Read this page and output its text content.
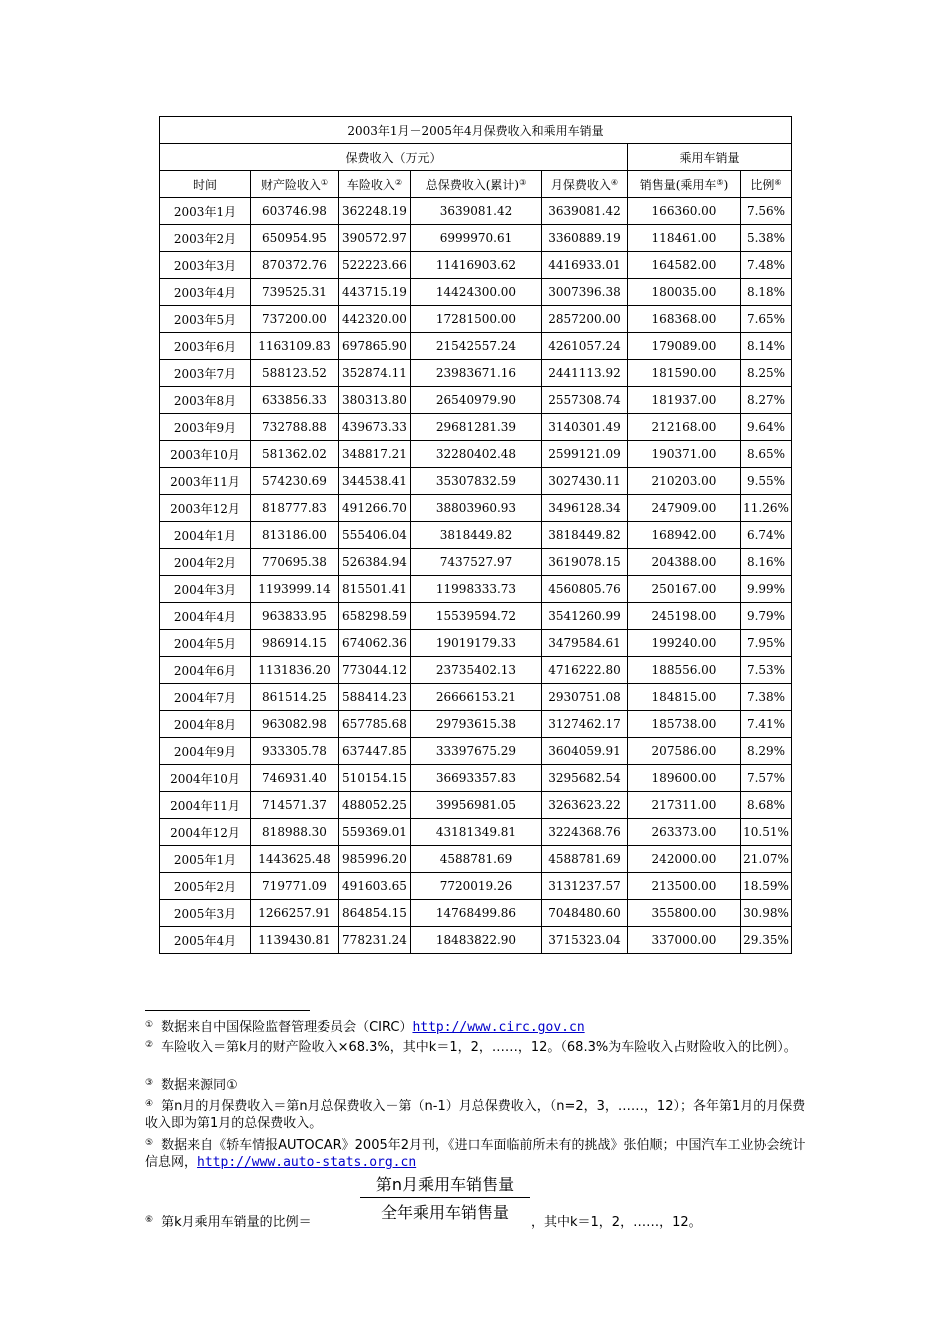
2003年1月－2005年4月保费收入和乘用车销量						
保费收入（万元）					乘用车销量	
时间	财产险收入①	车险收入②	总保费收入(累计)③	月保费收入④	销售量(乘用车⑤)	比例⑥
2003年1月	603746.98	362248.19	3639081.42	3639081.42	166360.00	7.56%
2003年2月	650954.95	390572.97	6999970.61	3360889.19	118461.00	5.38%
2003年3月	870372.76	522223.66	11416903.62	4416933.01	164582.00	7.48%
2003年4月	739525.31	443715.19	14424300.00	3007396.38	180035.00	8.18%
2003年5月	737200.00	442320.00	17281500.00	2857200.00	168368.00	7.65%
2003年6月	1163109.83	697865.90	21542557.24	4261057.24	179089.00	8.14%
2003年7月	588123.52	352874.11	23983671.16	2441113.92	181590.00	8.25%
2003年8月	633856.33	380313.80	26540979.90	2557308.74	181937.00	8.27%
2003年9月	732788.88	439673.33	29681281.39	3140301.49	212168.00	9.64%
2003年10月	581362.02	348817.21	32280402.48	2599121.09	190371.00	8.65%
2003年11月	574230.69	344538.41	35307832.59	3027430.11	210203.00	9.55%
2003年12月	818777.83	491266.70	38803960.93	3496128.34	247909.00	11.26%
2004年1月	813186.00	555406.04	3818449.82	3818449.82	168942.00	6.74%
2004年2月	770695.38	526384.94	7437527.97	3619078.15	204388.00	8.16%
2004年3月	1193999.14	815501.41	11998333.73	4560805.76	250167.00	9.99%
2004年4月	963833.95	658298.59	15539594.72	3541260.99	245198.00	9.79%
2004年5月	986914.15	674062.36	19019179.33	3479584.61	199240.00	7.95%
2004年6月	1131836.20	773044.12	23735402.13	4716222.80	188556.00	7.53%
2004年7月	861514.25	588414.23	26666153.21	2930751.08	184815.00	7.38%
2004年8月	963082.98	657785.68	29793615.38	3127462.17	185738.00	7.41%
2004年9月	933305.78	637447.85	33397675.29	3604059.91	207586.00	8.29%
2004年10月	746931.40	510154.15	36693357.83	3295682.54	189600.00	7.57%
2004年11月	714571.37	488052.25	39956981.05	3263623.22	217311.00	8.68%
2004年12月	818988.30	559369.01	43181349.81	3224368.76	263373.00	10.51%
2005年1月	1443625.48	985996.20	4588781.69	4588781.69	242000.00	21.07%
2005年2月	719771.09	491603.65	7720019.26	3131237.57	213500.00	18.59%
2005年3月	1266257.91	864854.15	14768499.86	7048480.60	355800.00	30.98%
2005年4月	1139430.81	778231.24	18483822.90	3715323.04	337000.00	29.35%
① 数据来自中国保险监督管理委员会（CIRC）http://www.circ.gov.cn
② 车险收入＝第k月的财产险收入×68.3%，其中k＝1，2，……，12。（68.3%为车险收入占财险收入的比例）。
③ 数据来源同①
④ 第n月的月保费收入＝第n月总保费收入－第（n-1）月总保费收入，（n=2，3，……，12）；各年第1月的月保费收入即为第1月的总保费收入。
⑤ 数据来自《轿车情报AUTOCAR》2005年2月刊，《进口车面临前所未有的挑战》张伯顺；中国汽车工业协会统计信息网，http://www.auto-stats.org.cn
第n月乘用车销售量
全年乘用车销售量
⑥ 第k月乘用车销量的比例＝	，其中k＝1，2，……，12。
